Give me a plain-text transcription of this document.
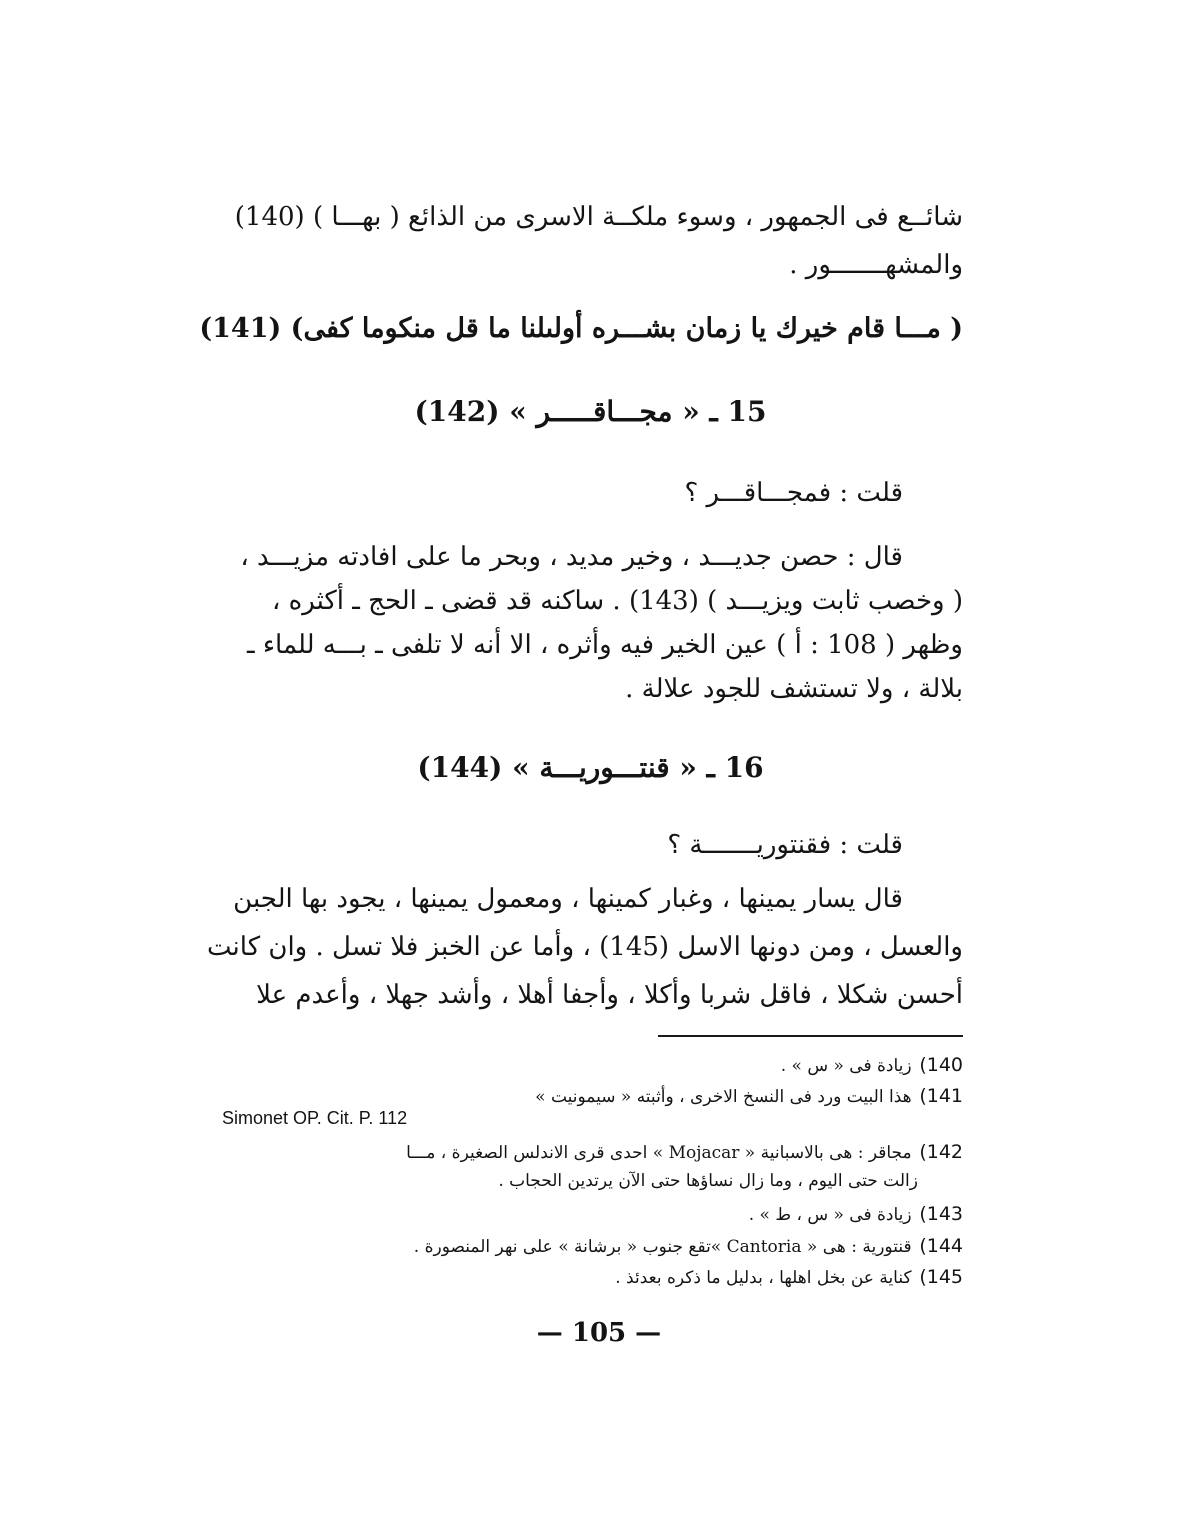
شائــع فى الجمهور ، وسوء ملكــة الاسرى من الذائع ( بهـــا ) (140)
والمشهـــــــور .
( مـــا قام خيرك يا زمان بشـــره أولىلنا ما قل منكوما كفى) (141)
15 ـ « مجـــاقـــــر » (142)
قلت : فمجـــاقـــر ؟
قال : حصن جديـــد ، وخير مديد ، وبحر ما على افادته مزيـــد ،
( وخصب ثابت ويزيـــد ) (143) . ساكنه قد قضى ـ الحج ـ أكثره ،
وظهر ( 108 : أ ) عين الخير فيه وأثره ، الا أنه لا تلفى ـ بـــه للماء ـ
بلالة ، ولا تستشف للجود علالة .
16 ـ « قنتـــوريـــة » (144)
قلت : فقنتوريـــــــة ؟
قال يسار يمينها ، وغبار كمينها ، ومعمول يمينها ، يجود بها الجبن
والعسل ، ومن دونها الاسل (145) ، وأما عن الخبز فلا تسل . وان كانت
أحسن شكلا ، فاقل شربا وأكلا ، وأجفا أهلا ، وأشد جهلا ، وأعدم علا
140) زيادة فى « س » .
141) هذا البيت ورد فى النسخ الاخرى ، وأثبته « سيمونيت »
Simonet OP. Cit. P. 112
142) مجاقر : هى بالاسبانية « Mojacar » احدى قرى الاندلس الصغيرة ، مـــا
زالت حتى اليوم ، وما زال نساؤها حتى الآن يرتدين الحجاب .
143) زيادة فى « س ، ط » .
144) قنتورية : هى « Cantoria »تقع جنوب « برشانة » على نهر المنصورة .
145) كناية عن بخل اهلها ، بدليل ما ذكره بعدئذ .
— 105 —
